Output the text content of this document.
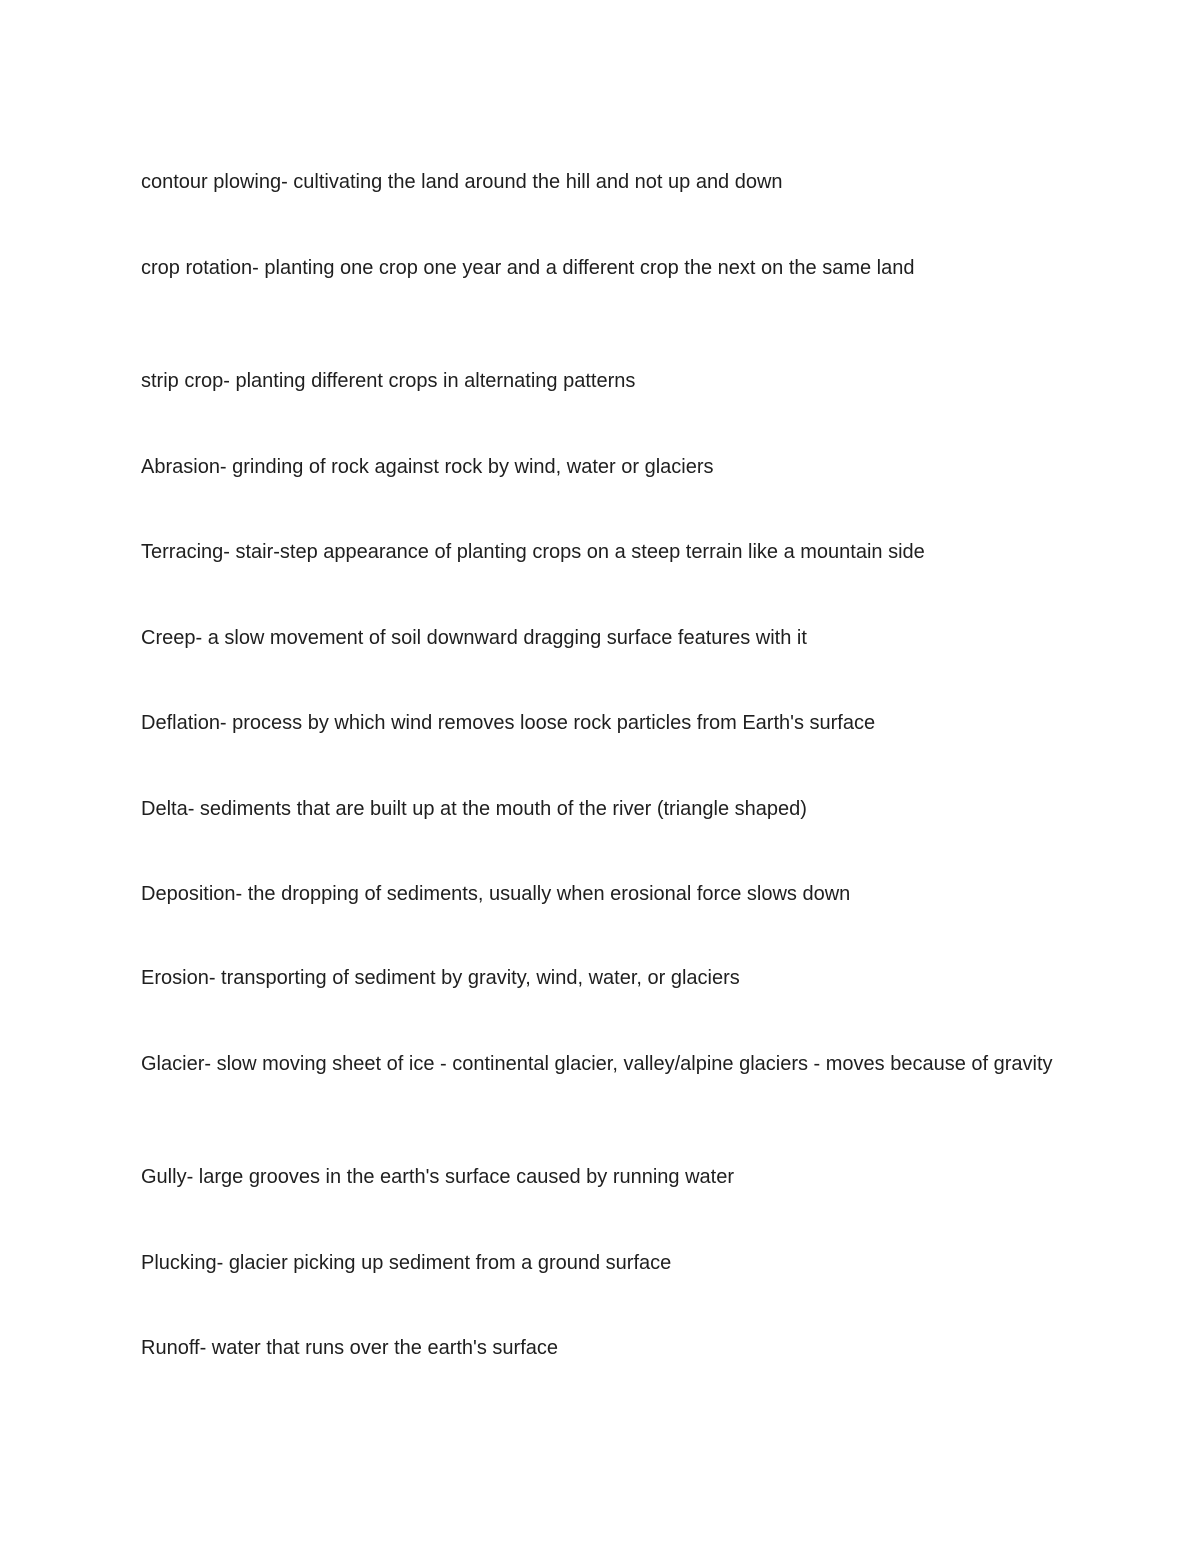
contour plowing- cultivating the land around the hill and not up and down

crop rotation- planting one crop one year and a different crop the next on the same land

strip crop- planting different crops in alternating patterns

Abrasion- grinding of rock against rock by wind, water or glaciers

Terracing- stair-step appearance of planting crops on a steep terrain like a mountain side

Creep- a slow movement of soil downward dragging surface features with it

Deflation- process by which wind removes loose rock particles from Earth's surface

Delta- sediments that are built up at the mouth of the river (triangle shaped)

Deposition- the dropping of sediments, usually when erosional force slows down

Erosion- transporting of sediment by gravity, wind, water, or glaciers

Glacier- slow moving sheet of ice - continental glacier, valley/alpine glaciers - moves because of gravity

Gully- large grooves in the earth's surface caused by running water

Plucking- glacier picking up sediment from a ground surface

Runoff- water that runs over the earth's surface
